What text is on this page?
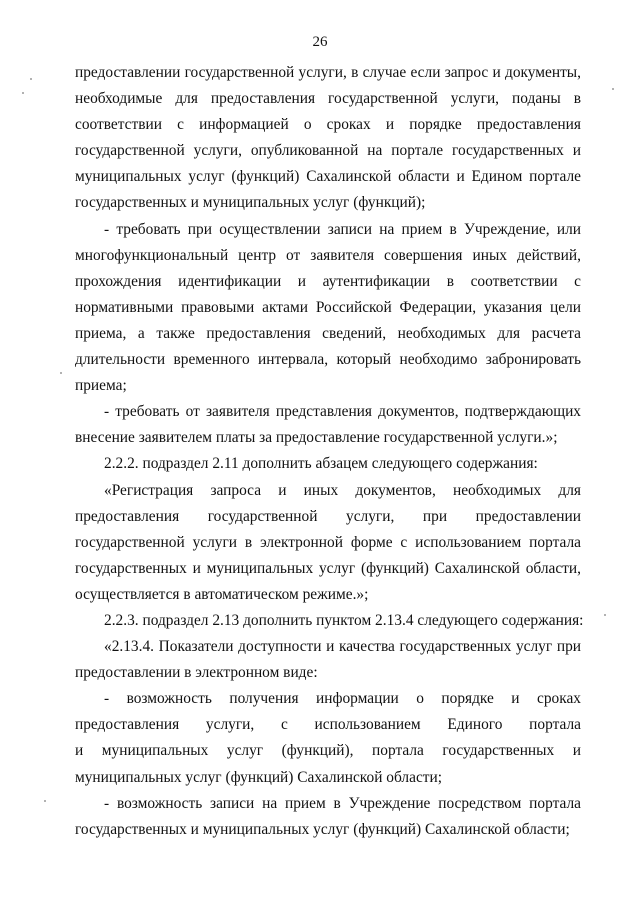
26
предоставлении государственной услуги, в случае если запрос и документы,
необходимые для предоставления государственной услуги, поданы в
соответствии с информацией о сроках и порядке предоставления
государственной услуги, опубликованной на портале государственных и
муниципальных услуг (функций) Сахалинской области и Едином портале
государственных и муниципальных услуг (функций);
- требовать при осуществлении записи на прием в Учреждение, или
многофункциональный центр от заявителя совершения иных действий,
прохождения идентификации и аутентификации в соответствии с
нормативными правовыми актами Российской Федерации, указания цели
приема, а также предоставления сведений, необходимых для расчета
длительности временного интервала, который необходимо забронировать
приема;
- требовать от заявителя представления документов, подтверждающих
внесение заявителем платы за предоставление государственной услуги.»;
2.2.2. подраздел 2.11 дополнить абзацем следующего содержания:
«Регистрация запроса и иных документов, необходимых для
предоставления государственной услуги, при предоставлении
государственной услуги в электронной форме с использованием портала
государственных и муниципальных услуг (функций) Сахалинской области,
осуществляется в автоматическом режиме.»;
2.2.3. подраздел 2.13 дополнить пунктом 2.13.4 следующего содержания:
«2.13.4. Показатели доступности и качества государственных услуг при
предоставлении в электронном виде:
- возможность получения информации о порядке и сроках
предоставления услуги, с использованием Единого портала
и муниципальных услуг (функций), портала государственных и
муниципальных услуг (функций) Сахалинской области;
- возможность записи на прием в Учреждение посредством портала
государственных и муниципальных услуг (функций) Сахалинской области;
